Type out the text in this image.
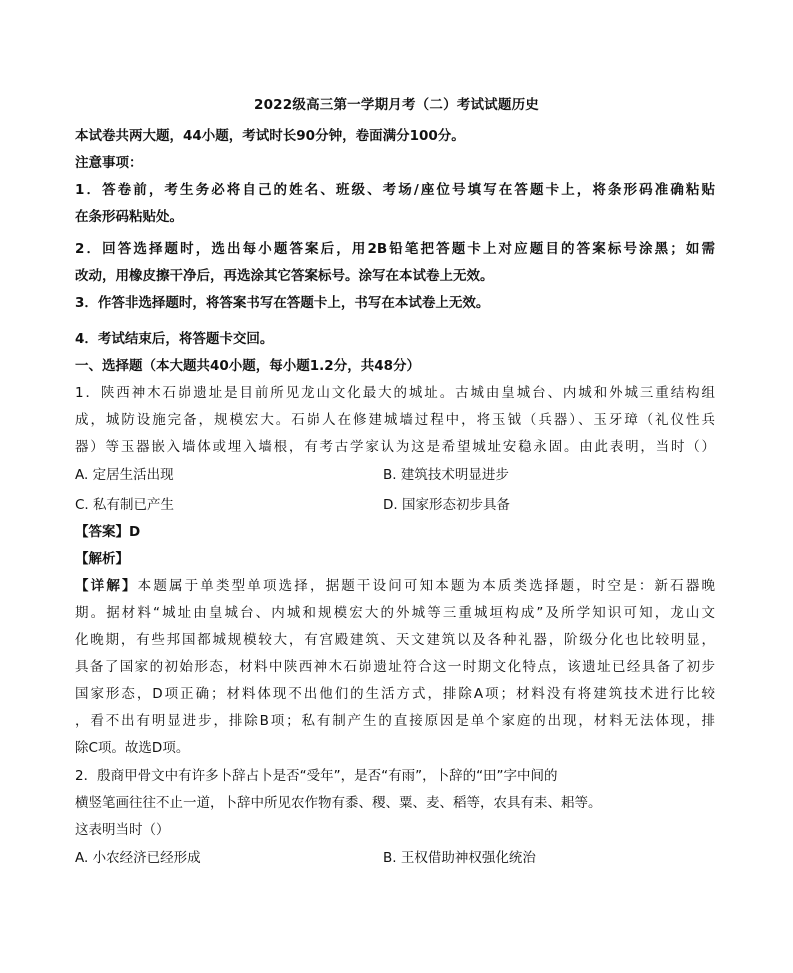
2022级高三第一学期月考（二）考试试题历史
本试卷共两大题，44小题，考试时长90分钟，卷面满分100分。
注意事项：
1．答卷前，考生务必将自己的姓名、班级、考场/座位号填写在答题卡上，将条形码准确粘贴
在条形码粘贴处。
2．回答选择题时，选出每小题答案后，用2B铅笔把答题卡上对应题目的答案标号涂黑；如需
改动，用橡皮擦干净后，再选涂其它答案标号。涂写在本试卷上无效。
3．作答非选择题时，将答案书写在答题卡上，书写在本试卷上无效。
4．考试结束后，将答题卡交回。
一、选择题（本大题共40小题，每小题1.2分，共48分）
1．陕西神木石峁遗址是目前所见龙山文化最大的城址。古城由皇城台、内城和外城三重结构组
成，城防设施完备，规模宏大。石峁人在修建城墙过程中，将玉钺（兵器）、玉牙璋（礼仪性兵
器）等玉器嵌入墙体或埋入墙根，有考古学家认为这是希望城址安稳永固。由此表明，当时（）
A. 定居生活出现	B. 建筑技术明显进步
C. 私有制已产生	D. 国家形态初步具备
【答案】D
【解析】
【详解】本题属于单类型单项选择，据题干设问可知本题为本质类选择题，时空是：新石器晚
期。据材料“城址由皇城台、内城和规模宏大的外城等三重城垣构成”及所学知识可知，龙山文
化晚期，有些邦国都城规模较大，有宫殿建筑、天文建筑以及各种礼器，阶级分化也比较明显，
具备了国家的初始形态，材料中陕西神木石峁遗址符合这一时期文化特点，该遗址已经具备了初步
国家形态，D项正确；材料体现不出他们的生活方式，排除A项；材料没有将建筑技术进行比较
，看不出有明显进步，排除B项；私有制产生的直接原因是单个家庭的出现，材料无法体现，排
除C项。故选D项。
2．殷商甲骨文中有许多卜辞占卜是否“受年”，是否“有雨”，卜辞的“田”字中间的
横竖笔画往往不止一道，卜辞中所见农作物有黍、稷、粟、麦、稻等，农具有耒、耜等。
这表明当时（）
A. 小农经济已经形成	B. 王权借助神权强化统治
